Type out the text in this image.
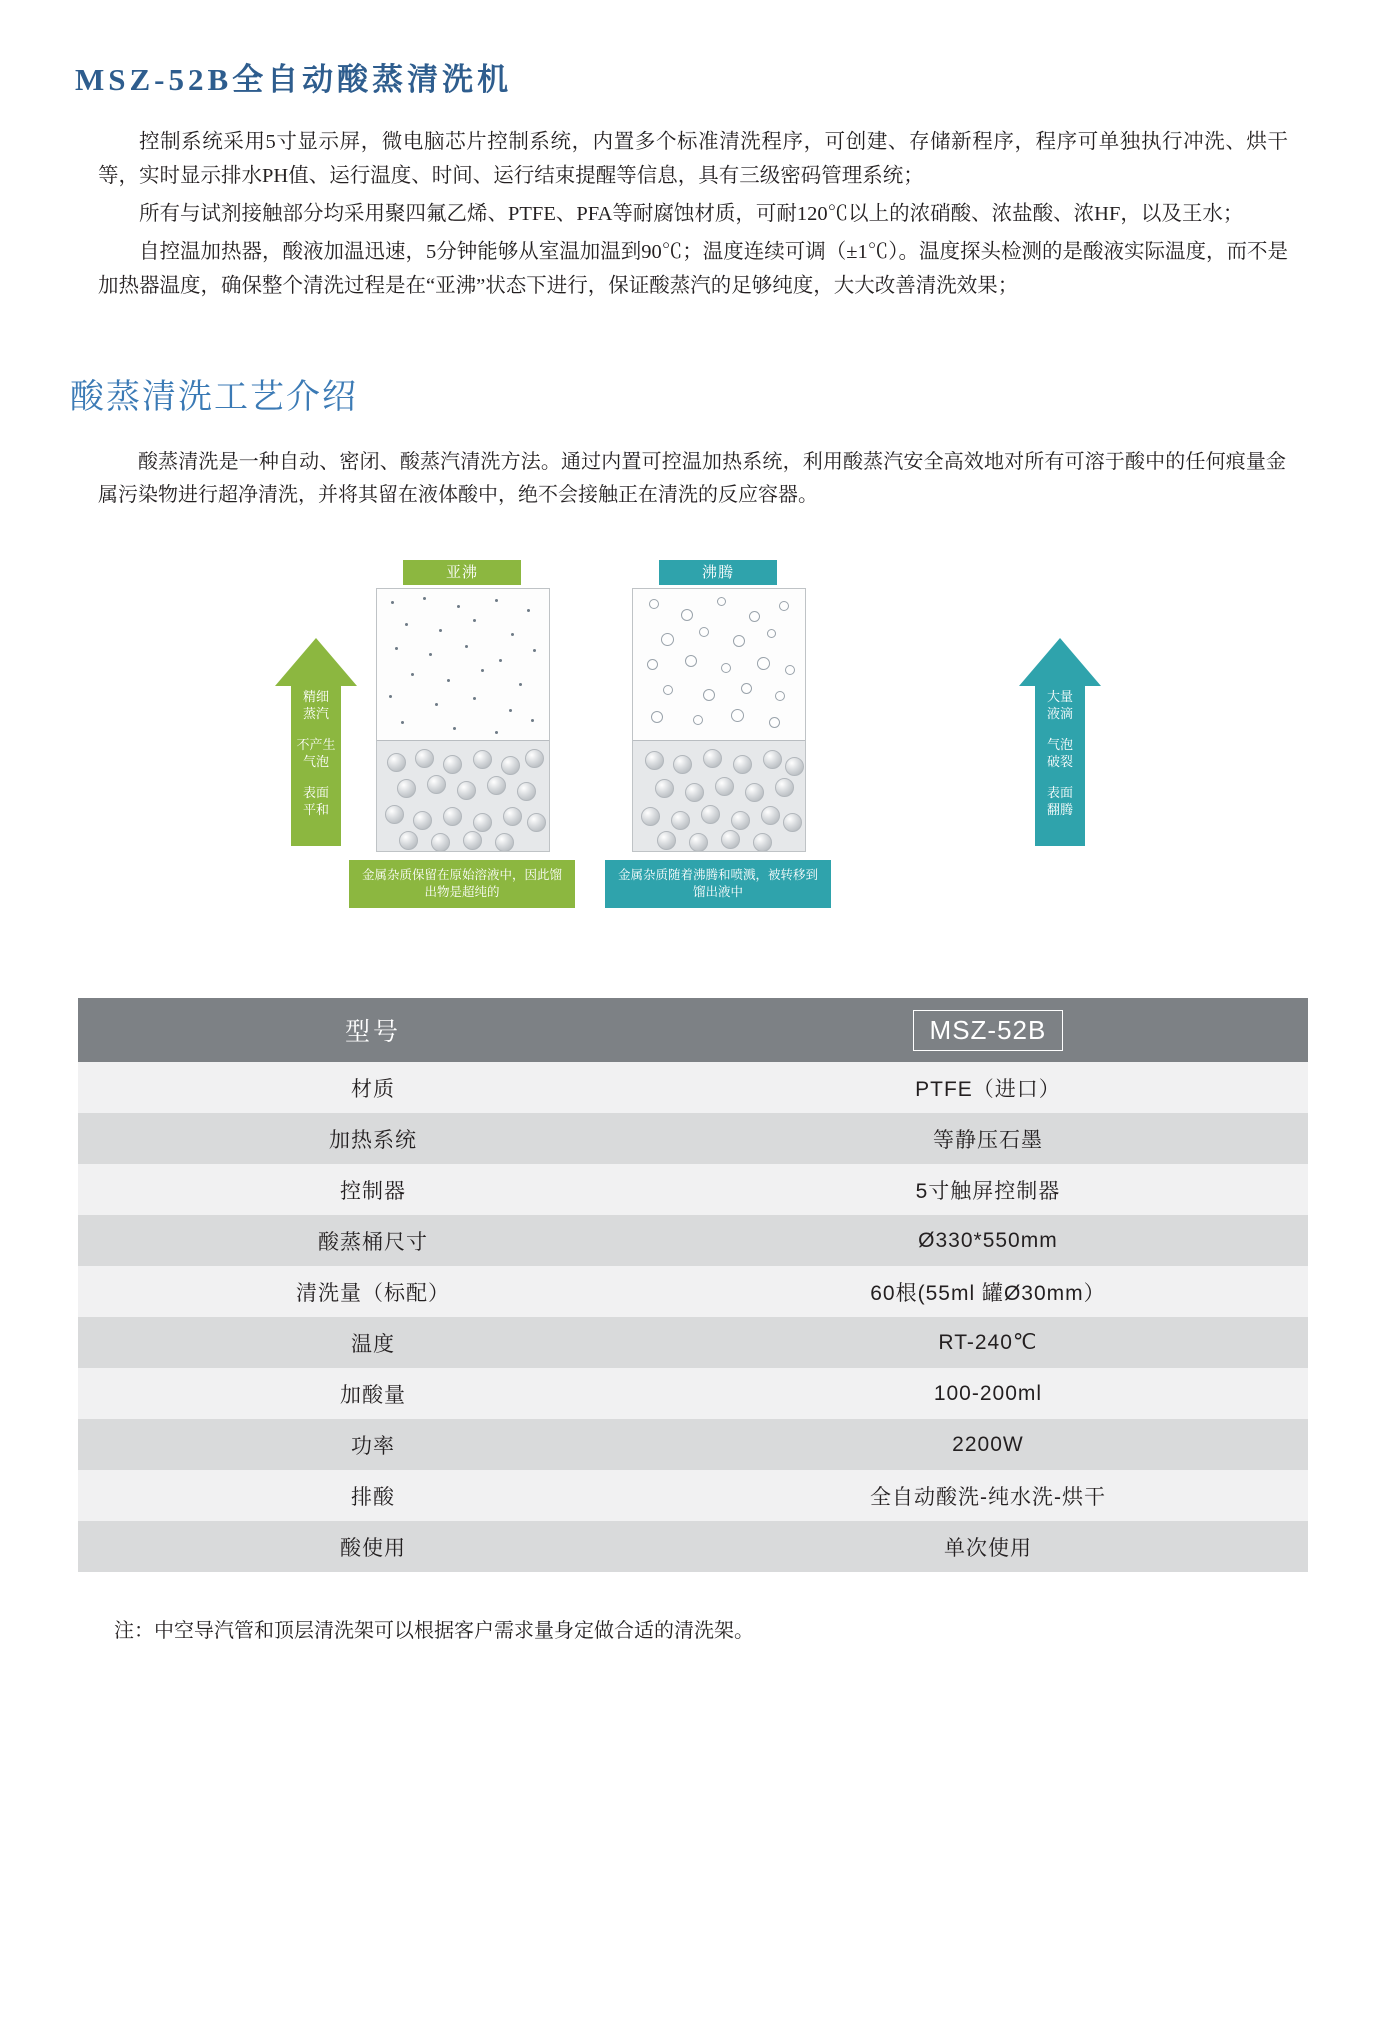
MSZ-52B全自动酸蒸清洗机

控制系统采用5寸显示屏，微电脑芯片控制系统，内置多个标准清洗程序，可创建、存储新程序，程序可单独执行冲洗、烘干等，实时显示排水PH值、运行温度、时间、运行结束提醒等信息，具有三级密码管理系统；

所有与试剂接触部分均采用聚四氟乙烯、PTFE、PFA等耐腐蚀材质，可耐120℃以上的浓硝酸、浓盐酸、浓HF，以及王水；

自控温加热器，酸液加温迅速，5分钟能够从室温加温到90℃；温度连续可调（±1℃）。温度探头检测的是酸液实际温度，而不是加热器温度，确保整个清洗过程是在“亚沸”状态下进行，保证酸蒸汽的足够纯度，大大改善清洗效果；

酸蒸清洗工艺介绍

酸蒸清洗是一种自动、密闭、酸蒸汽清洗方法。通过内置可控温加热系统，利用酸蒸汽安全高效地对所有可溶于酸中的任何痕量金属污染物进行超净清洗，并将其留在液体酸中，绝不会接触正在清洗的反应容器。

精细
蒸汽
不产生
气泡
表面
平和
大量
液滴
气泡
破裂
表面
翻腾
亚沸	沸腾
金属杂质保留在原始溶液中，因此馏出物是超纯的
金属杂质随着沸腾和喷溅，被转移到馏出液中
型号	MSZ-52B
材质	PTFE（进口）
加热系统	等静压石墨
控制器	5寸触屏控制器
酸蒸桶尺寸	Ø330*550mm
清洗量（标配）	60根(55ml 罐Ø30mm）
温度	RT-240℃
加酸量	100-200ml
功率	2200W
排酸	全自动酸洗-纯水洗-烘干
酸使用	单次使用

注：中空导汽管和顶层清洗架可以根据客户需求量身定做合适的清洗架。
